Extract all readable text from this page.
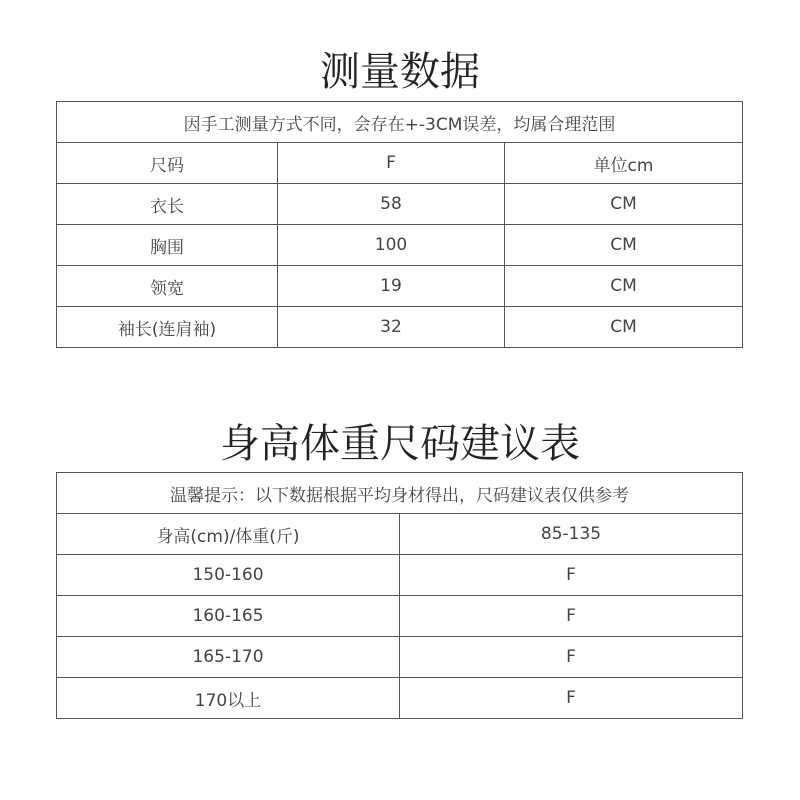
测量数据
因手工测量方式不同，会存在+-3CM误差，均属合理范围		
尺码	F	单位cm
衣长	58	CM
胸围	100	CM
领宽	19	CM
袖长(连肩袖)	32	CM
身高体重尺码建议表
温馨提示：以下数据根据平均身材得出，尺码建议表仅供参考	
身高(cm)/体重(斤)	85-135
150-160	F
160-165	F
165-170	F
170以上	F
